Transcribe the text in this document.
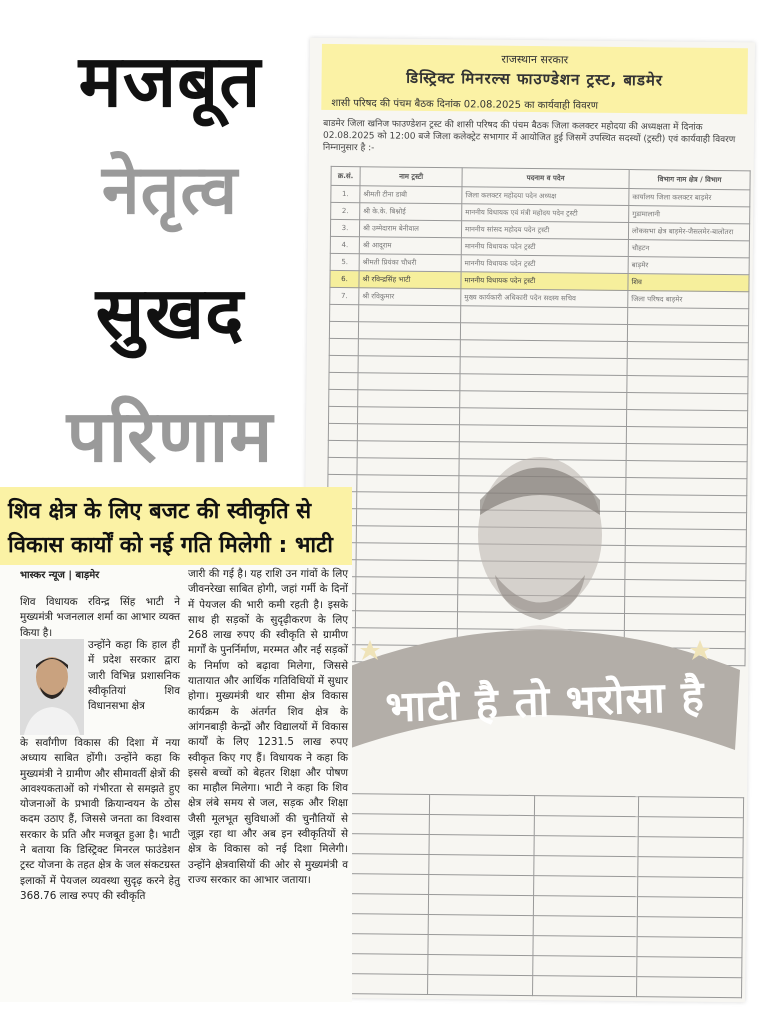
मजबूत
नेतृत्व
सुखद
परिणाम
राजस्थान सरकार
डिस्ट्रिक्ट मिनरल्स फाउण्डेशन ट्रस्ट, बाडमेर
शासी परिषद की पंचम बैठक दिनांक 02.08.2025 का कार्यवाही विवरण
बाडमेर जिला खनिज फाउण्डेशन ट्रस्ट की शासी परिषद की पंचम बैठक जिला कलक्टर महोदया की अध्यक्षता में दिनांक 02.08.2025 को 12:00 बजे जिला कलेक्ट्रेट सभागार में आयोजित हुई जिसमें उपस्थित सदस्यों (ट्रस्टी) एवं कार्यवाही विवरण निम्नानुसार है :-
क्र.सं.	नाम ट्रस्टी	पदनाम व पदेन	विभाग नाम क्षेत्र / विभाग
1.	श्रीमती टीना डाबी	जिला कलक्टर महोदया पदेन अध्यक्ष	कार्यालय जिला कलक्टर बाड़मेर
2.	श्री के.के. बिश्नोई	माननीय विधायक एवं मंत्री महोदय पदेन ट्रस्टी	गुडामालानी
3.	श्री उम्मेदाराम बेनीवाल	माननीय सांसद महोदय पदेन ट्रस्टी	लोकसभा क्षेत्र बाड़मेर-जैसलमेर-बालोतरा
4.	श्री आदूराम	माननीय विधायक पदेन ट्रस्टी	चौहटन
5.	श्रीमती प्रियंका चौधरी	माननीय विधायक पदेन ट्रस्टी	बाड़मेर
6.	श्री रविन्द्रसिंह भाटी	माननीय विधायक पदेन ट्रस्टी	शिव
7.	श्री रविकुमार	मुख्य कार्यकारी अधिकारी पदेन सदस्य सचिव	जिला परिषद बाड़मेर

भाटी है तो भरोसा है
शिव क्षेत्र के लिए बजट की स्वीकृति से विकास कार्यों को नई गति मिलेगी : भाटी
भास्कर न्यूज | बाड़मेर
शिव विधायक रविन्द्र सिंह भाटी ने मुख्यमंत्री भजनलाल शर्मा का आभार व्यक्त किया है।
उन्होंने कहा कि हाल ही में प्रदेश सरकार द्वारा जारी विभिन्न प्रशासनिक स्वीकृतियां शिव विधानसभा क्षेत्र
के सर्वांगीण विकास की दिशा में नया अध्याय साबित होंगी। उन्होंने कहा कि मुख्यमंत्री ने ग्रामीण और सीमावर्ती क्षेत्रों की आवश्यकताओं को गंभीरता से समझते हुए योजनाओं के प्रभावी क्रियान्वयन के ठोस कदम उठाए हैं, जिससे जनता का विश्वास सरकार के प्रति और मजबूत हुआ है। भाटी ने बताया कि डिस्ट्रिक्ट मिनरल फाउंडेशन ट्रस्ट योजना के तहत क्षेत्र के जल संकटग्रस्त इलाकों में पेयजल व्यवस्था सुदृढ़ करने हेतु 368.76 लाख रुपए की स्वीकृति
जारी की गई है। यह राशि उन गांवों के लिए जीवनरेखा साबित होगी, जहां गर्मी के दिनों में पेयजल की भारी कमी रहती है। इसके साथ ही सड़कों के सुदृढ़ीकरण के लिए 268 लाख रुपए की स्वीकृति से ग्रामीण मार्गों के पुनर्निर्माण, मरम्मत और नई सड़कों के निर्माण को बढ़ावा मिलेगा, जिससे यातायात और आर्थिक गतिविधियों में सुधार होगा। मुख्यमंत्री थार सीमा क्षेत्र विकास कार्यक्रम के अंतर्गत शिव क्षेत्र के आंगनबाड़ी केन्द्रों और विद्यालयों में विकास कार्यों के लिए 1231.5 लाख रुपए स्वीकृत किए गए हैं। विधायक ने कहा कि इससे बच्चों को बेहतर शिक्षा और पोषण का माहौल मिलेगा। भाटी ने कहा कि शिव क्षेत्र लंबे समय से जल, सड़क और शिक्षा जैसी मूलभूत सुविधाओं की चुनौतियों से जूझ रहा था और अब इन स्वीकृतियों से क्षेत्र के विकास को नई दिशा मिलेगी। उन्होंने क्षेत्रवासियों की ओर से मुख्यमंत्री व राज्य सरकार का आभार जताया।
